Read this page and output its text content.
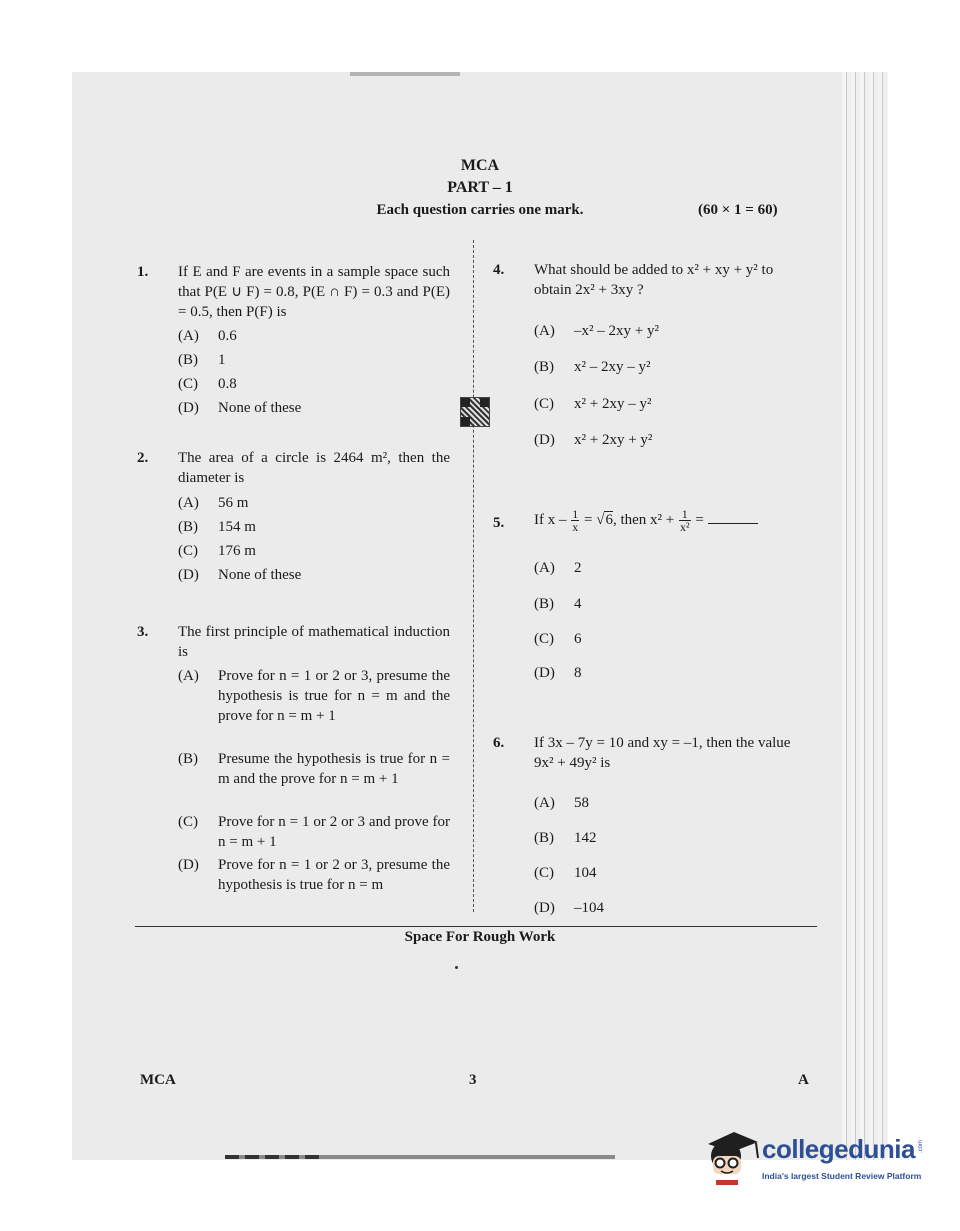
MCA
PART – 1
Each question carries one mark.	(60 × 1 = 60)
1. If E and F are events in a sample space such that P(E ∪ F) = 0.8, P(E ∩ F) = 0.3 and P(E) = 0.5, then P(F) is
(A) 0.6
(B) 1
(C) 0.8
(D) None of these
2. The area of a circle is 2464 m², then the diameter is
(A) 56 m
(B) 154 m
(C) 176 m
(D) None of these
3. The first principle of mathematical induction is
(A) Prove for n = 1 or 2 or 3, presume the hypothesis is true for n = m and the prove for n = m + 1
(B) Presume the hypothesis is true for n = m and the prove for n = m + 1
(C) Prove for n = 1 or 2 or 3 and prove for n = m + 1
(D) Prove for n = 1 or 2 or 3, presume the hypothesis is true for n = m
4. What should be added to x² + xy + y² to obtain 2x² + 3xy ?
(A) –x² – 2xy + y²
(B) x² – 2xy – y²
(C) x² + 2xy – y²
(D) x² + 2xy + y²
5. If $x - \frac{1}{x} = √6$, then $x^2 + \frac{1}{\text{x²}}$ =
(A) 2
(B) 4
(C) 6
(D) 8
6. If 3x – 7y = 10 and xy = –1, then the value 9x² + 49y² is
(A) 58
(B) 142
(C) 104
(D) –104
Space For Rough Work
MCA	3	A
collegedunia .com
India's largest Student Review Platform
